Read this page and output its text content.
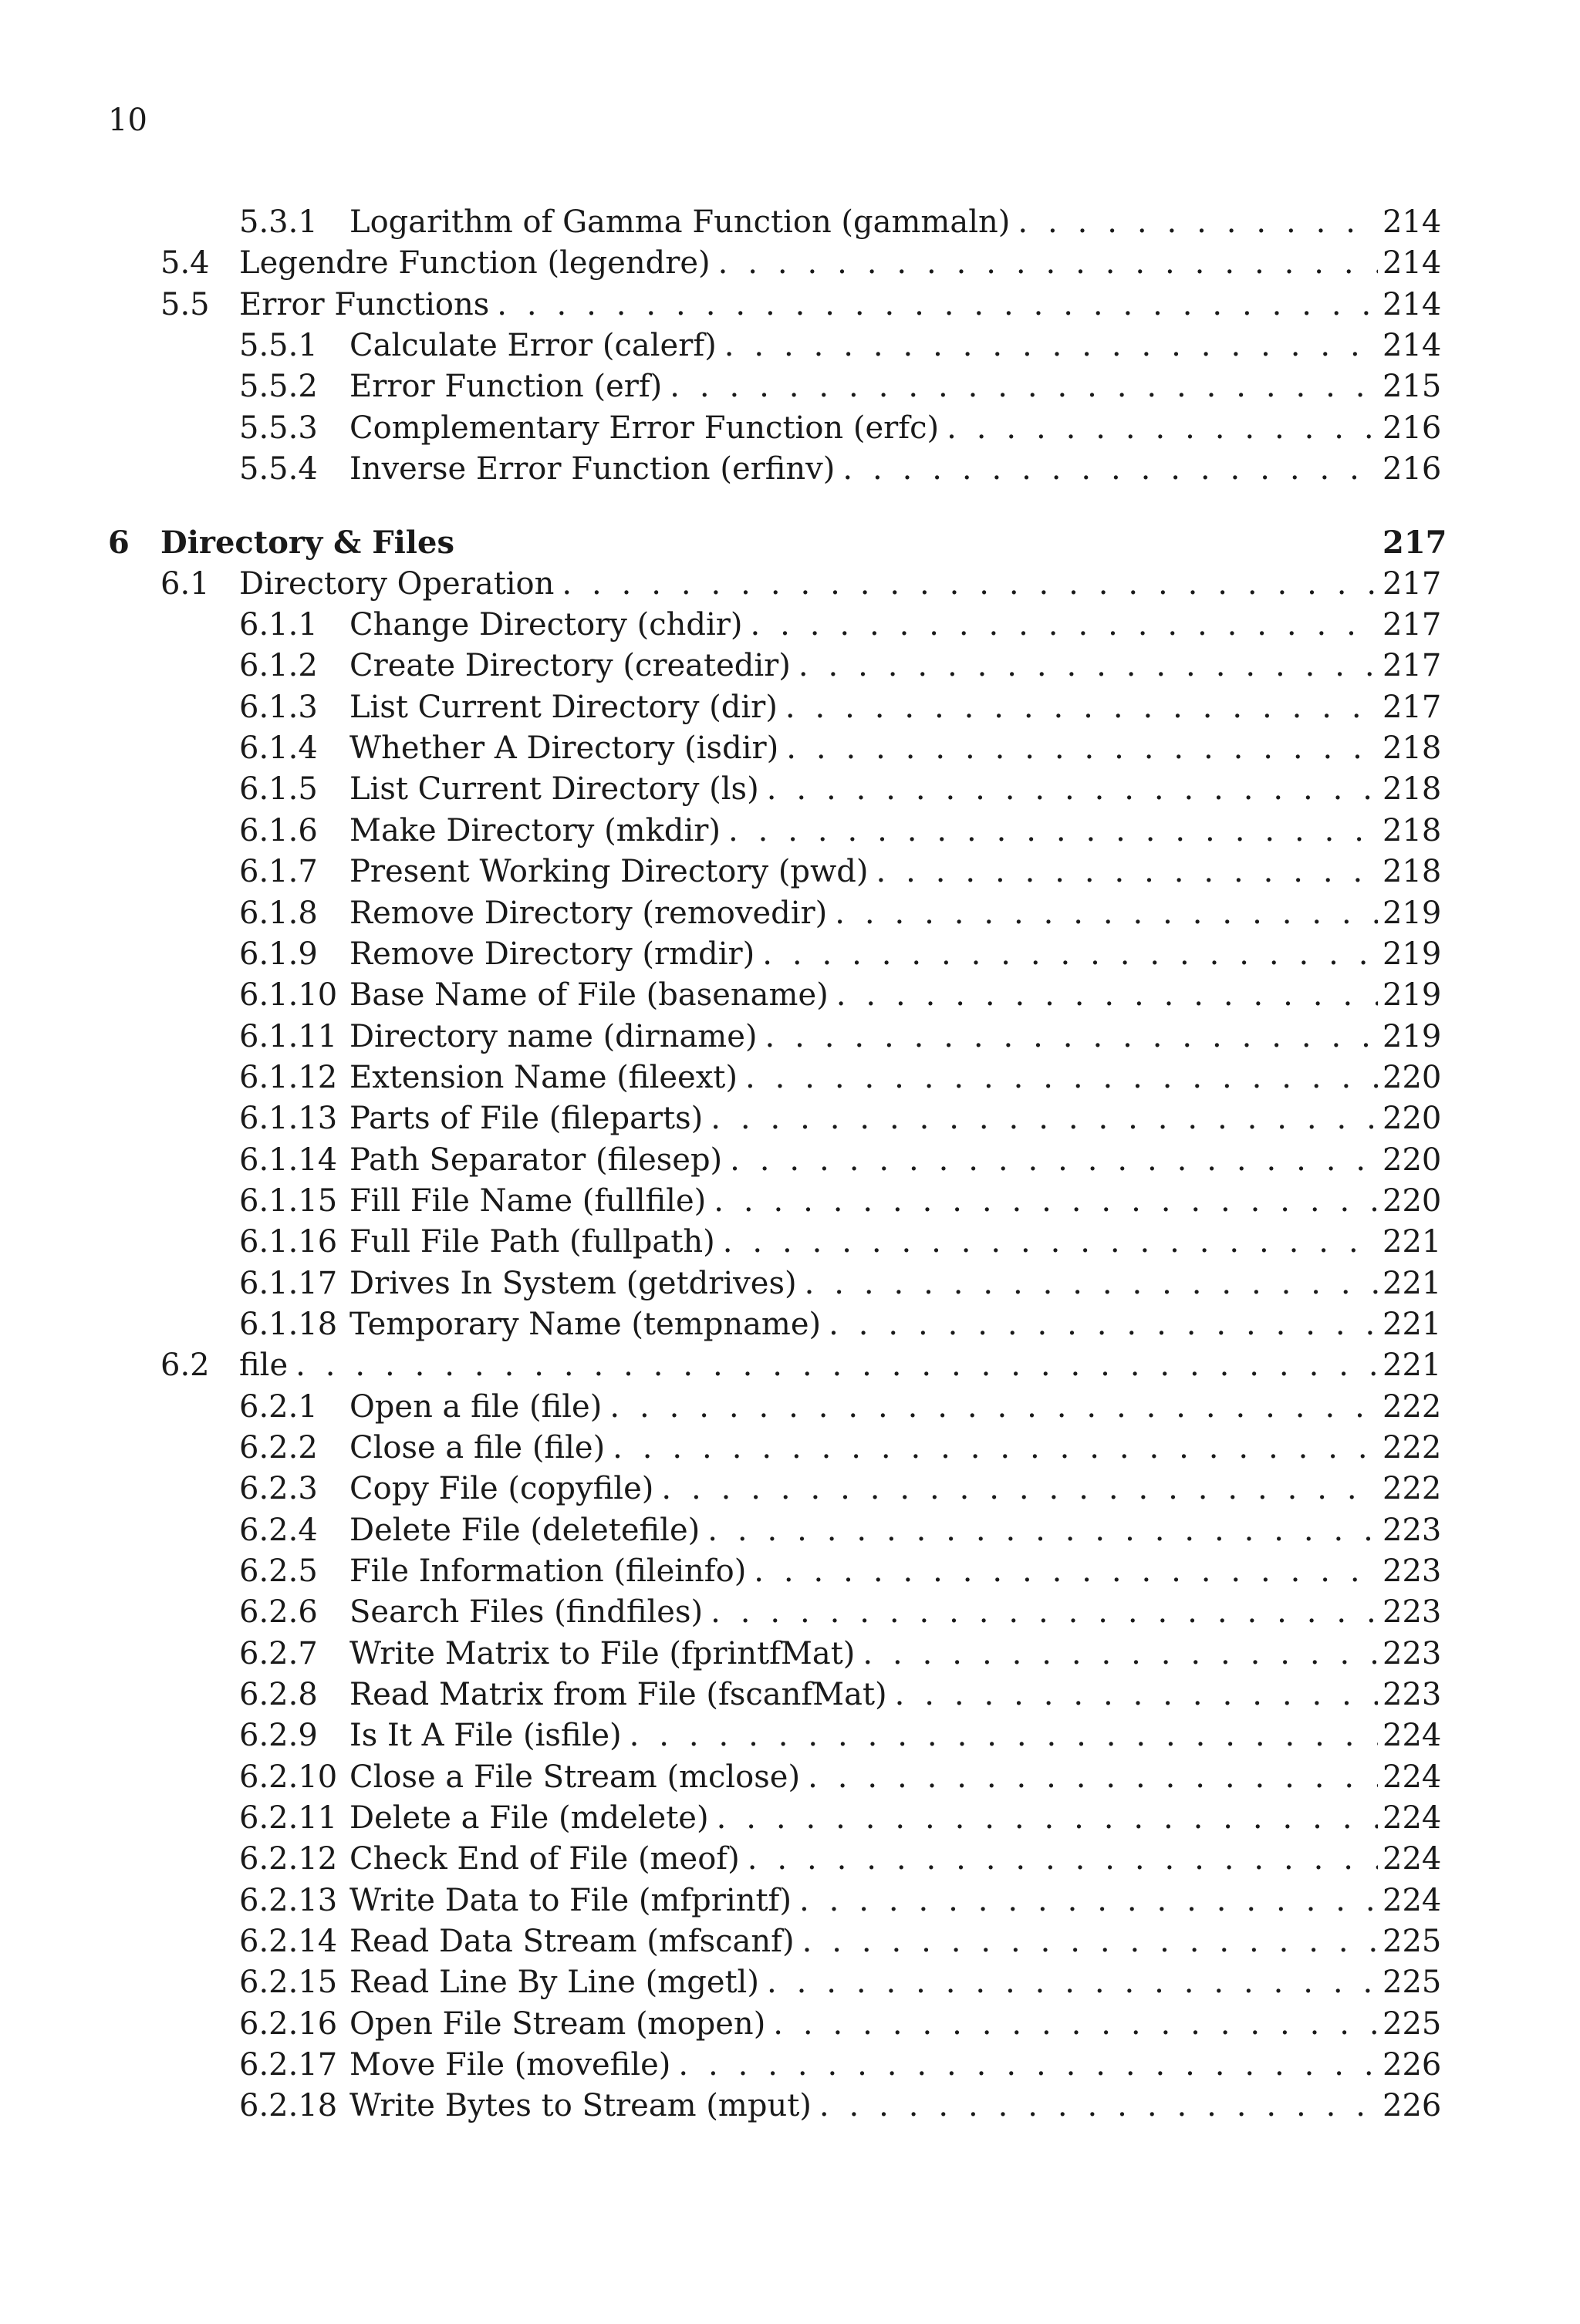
10
5.3.1 Logarithm of Gamma Function (gammaln) . . .	214
5.4 Legendre Function (legendre) . . .	214
5.5 Error Functions . . .	214
5.5.1 Calculate Error (calerf) . . .	214
5.5.2 Error Function (erf) . . .	215
5.5.3 Complementary Error Function (erfc) . . .	216
5.5.4 Inverse Error Function (erfinv) . . .	216
6 Directory & Files	217
6.1 Directory Operation . . .	217
6.1.1 Change Directory (chdir) . . .	217
6.1.2 Create Directory (createdir) . . .	217
6.1.3 List Current Directory (dir) . . .	217
6.1.4 Whether A Directory (isdir) . . .	218
6.1.5 List Current Directory (ls) . . .	218
6.1.6 Make Directory (mkdir) . . .	218
6.1.7 Present Working Directory (pwd) . . .	218
6.1.8 Remove Directory (removedir) . . .	219
6.1.9 Remove Directory (rmdir) . . .	219
6.1.10 Base Name of File (basename) . . .	219
6.1.11 Directory name (dirname) . . .	219
6.1.12 Extension Name (fileext) . . .	220
6.1.13 Parts of File (fileparts) . . .	220
6.1.14 Path Separator (filesep) . . .	220
6.1.15 Fill File Name (fullfile) . . .	220
6.1.16 Full File Path (fullpath) . . .	221
6.1.17 Drives In System (getdrives) . . .	221
6.1.18 Temporary Name (tempname) . . .	221
6.2 file . . .	221
6.2.1 Open a file (file) . . .	222
6.2.2 Close a file (file) . . .	222
6.2.3 Copy File (copyfile) . . .	222
6.2.4 Delete File (deletefile) . . .	223
6.2.5 File Information (fileinfo) . . .	223
6.2.6 Search Files (findfiles) . . .	223
6.2.7 Write Matrix to File (fprintfMat) . . .	223
6.2.8 Read Matrix from File (fscanfMat) . . .	223
6.2.9 Is It A File (isfile) . . .	224
6.2.10 Close a File Stream (mclose) . . .	224
6.2.11 Delete a File (mdelete) . . .	224
6.2.12 Check End of File (meof) . . .	224
6.2.13 Write Data to File (mfprintf) . . .	224
6.2.14 Read Data Stream (mfscanf) . . .	225
6.2.15 Read Line By Line (mgetl) . . .	225
6.2.16 Open File Stream (mopen) . . .	225
6.2.17 Move File (movefile) . . .	226
6.2.18 Write Bytes to Stream (mput) . . .	226
